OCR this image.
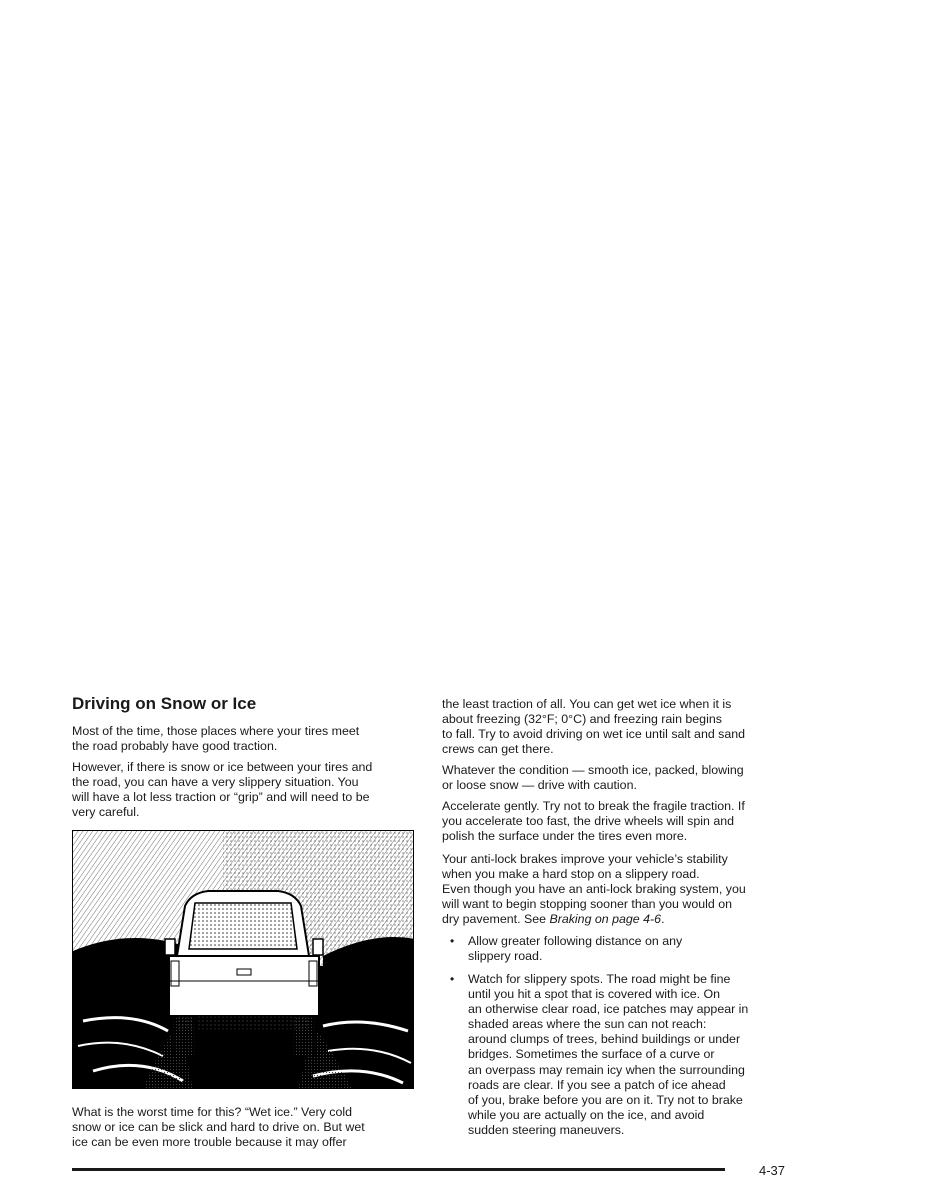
Driving on Snow or Ice

Most of the time, those places where your tires meet
the road probably have good traction.

However, if there is snow or ice between your tires and
the road, you can have a very slippery situation. You
will have a lot less traction or “grip” and will need to be
very careful.

What is the worst time for this? “Wet ice.” Very cold
snow or ice can be slick and hard to drive on. But wet
ice can be even more trouble because it may offer

the least traction of all. You can get wet ice when it is
about freezing (32°F; 0°C) and freezing rain begins
to fall. Try to avoid driving on wet ice until salt and sand
crews can get there.

Whatever the condition — smooth ice, packed, blowing
or loose snow — drive with caution.

Accelerate gently. Try not to break the fragile traction. If
you accelerate too fast, the drive wheels will spin and
polish the surface under the tires even more.

Your anti-lock brakes improve your vehicle’s stability
when you make a hard stop on a slippery road.
Even though you have an anti-lock braking system, you
will want to begin stopping sooner than you would on
dry pavement. See Braking on page 4-6.

• Allow greater following distance on any
slippery road.

• Watch for slippery spots. The road might be fine
until you hit a spot that is covered with ice. On
an otherwise clear road, ice patches may appear in
shaded areas where the sun can not reach:
around clumps of trees, behind buildings or under
bridges. Sometimes the surface of a curve or
an overpass may remain icy when the surrounding
roads are clear. If you see a patch of ice ahead
of you, brake before you are on it. Try not to brake
while you are actually on the ice, and avoid
sudden steering maneuvers.

4-37
